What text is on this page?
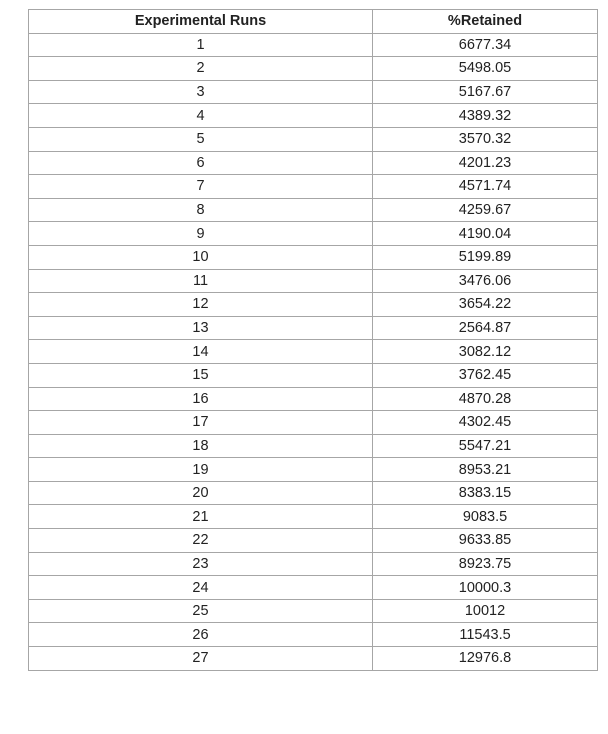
Experimental Runs	%Retained
1	6677.34
2	5498.05
3	5167.67
4	4389.32
5	3570.32
6	4201.23
7	4571.74
8	4259.67
9	4190.04
10	5199.89
11	3476.06
12	3654.22
13	2564.87
14	3082.12
15	3762.45
16	4870.28
17	4302.45
18	5547.21
19	8953.21
20	8383.15
21	9083.5
22	9633.85
23	8923.75
24	10000.3
25	10012
26	11543.5
27	12976.8
